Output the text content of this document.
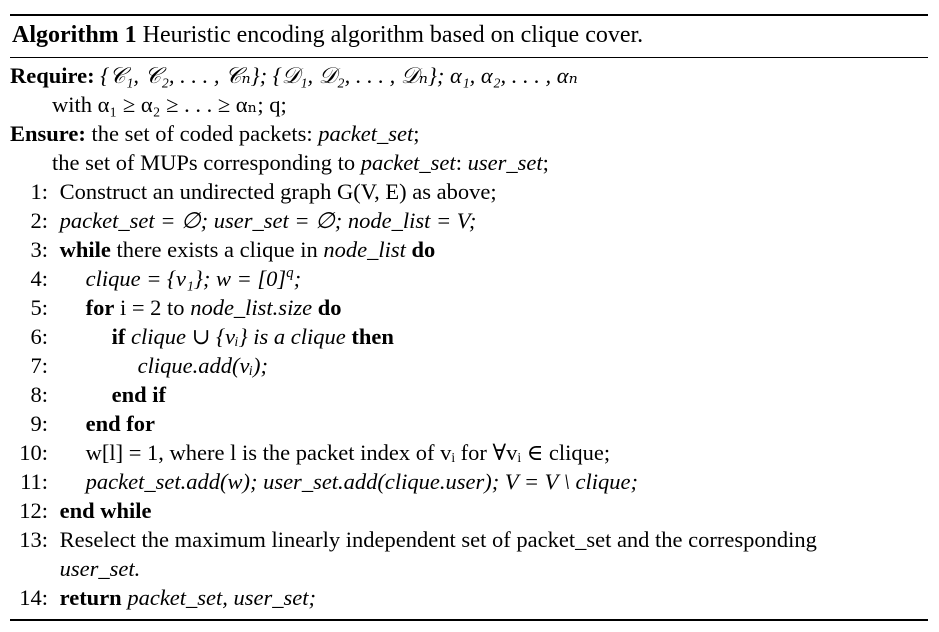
Algorithm 1 Heuristic encoding algorithm based on clique cover.
Require: {𝒞₁, 𝒞₂, . . . , 𝒞ₙ}; {𝒟₁, 𝒟₂, . . . , 𝒟ₙ}; α₁, α₂, . . . , αₙ
with α₁ ≥ α₂ ≥ . . . ≥ αₙ; q;
Ensure: the set of coded packets: packet_set;
the set of MUPs corresponding to packet_set: user_set;
1: Construct an undirected graph G(V, E) as above;
2: packet_set = ∅; user_set = ∅; node_list = V;
3: while there exists a clique in node_list do
4: clique = {v₁}; $w = [0]^q$;
5: for i = 2 to node_list.size do
6:	if clique ∪ {vᵢ} is a clique then
7:	clique.add(vᵢ);
8:	end if
9: end for
10: w[l] = 1, where l is the packet index of vᵢ for ∀vᵢ ∈ clique;
11: packet_set.add(w); user_set.add(clique.user); V = V \ clique;
12: end while
13: Reselect the maximum linearly independent set of packet_set and the corresponding
user_set.
14: return packet_set, user_set;
